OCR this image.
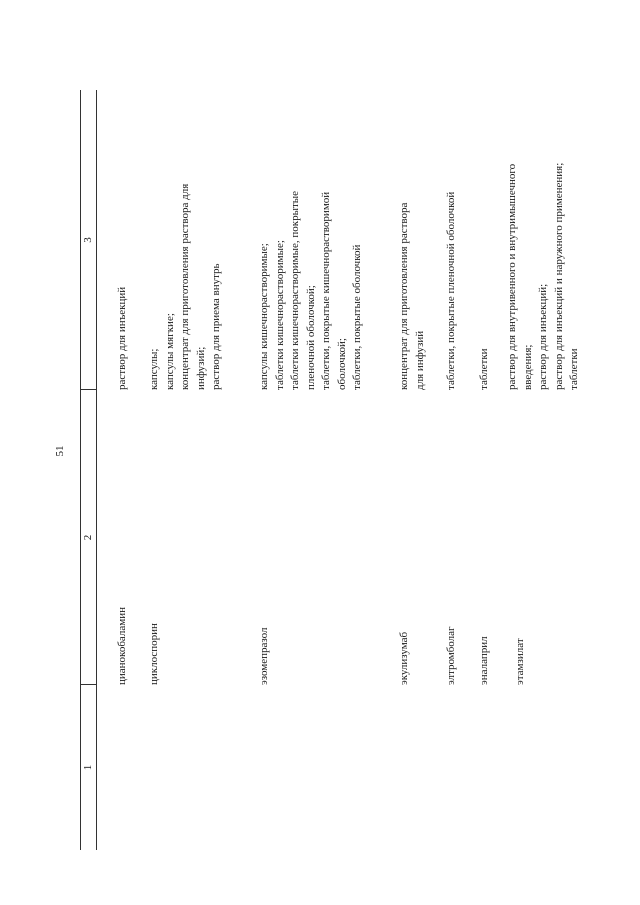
51
1
2
3
цианокобаламин
раствор для инъекций
циклоспорин
капсулы; капсулы мягкие; концентрат для приготовления раствора для инфузий; раствор для приема внутрь
эзомепразол
капсулы кишечнорастворимые; таблетки кишечнорастворимые; таблетки кишечнорастворимые, покрытые пленочной оболочкой; таблетки, покрытые кишечнорастворимой оболочкой; таблетки, покрытые оболочкой
экулизумаб
концентрат для приготовления раствора для инфузий
элтромболаг
таблетки, покрытые пленочной оболочкой
эналаприл
таблетки
этамзилат
раствор для внутривенного и внутримышечного введения; раствор для инъекций; раствор для инъекций и наружного применения; таблетки
